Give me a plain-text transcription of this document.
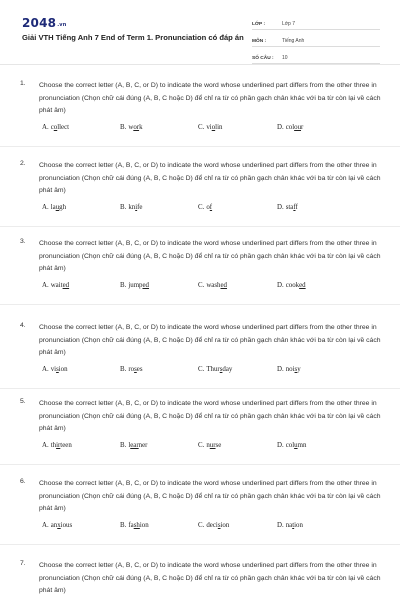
2048.vn
Giải VTH Tiếng Anh 7 End of Term 1. Pronunciation có đáp án
LỚP :	Lớp 7
MÔN :	Tiếng Anh
SỐ CÂU :	10
1. Choose the correct letter (A, B, C, or D) to indicate the word whose underlined part differs from the other three in pronunciation (Chọn chữ cái đúng (A, B, C hoặc D) để chỉ ra từ có phần gạch chân khác với ba từ còn lại về cách phát âm)
A. collect	B. work	C. violin	D. colour
2. Choose the correct letter (A, B, C, or D) to indicate the word whose underlined part differs from the other three in pronunciation (Chọn chữ cái đúng (A, B, C hoặc D) để chỉ ra từ có phần gạch chân khác với ba từ còn lại về cách phát âm)
A. laugh	B. knife	C. of	D. staff
3. Choose the correct letter (A, B, C, or D) to indicate the word whose underlined part differs from the other three in pronunciation (Chọn chữ cái đúng (A, B, C hoặc D) để chỉ ra từ có phần gạch chân khác với ba từ còn lại về cách phát âm)
A. waited	B. jumped	C. washed	D. cooked
4. Choose the correct letter (A, B, C, or D) to indicate the word whose underlined part differs from the other three in pronunciation (Chọn chữ cái đúng (A, B, C hoặc D) để chỉ ra từ có phần gạch chân khác với ba từ còn lại về cách phát âm)
A. vision	B. roses	C. Thursday	D. noisy
5. Choose the correct letter (A, B, C, or D) to indicate the word whose underlined part differs from the other three in pronunciation (Chọn chữ cái đúng (A, B, C hoặc D) để chỉ ra từ có phần gạch chân khác với ba từ còn lại về cách phát âm)
A. thirteen	B. learner	C. nurse	D. column
6. Choose the correct letter (A, B, C, or D) to indicate the word whose underlined part differs from the other three in pronunciation (Chọn chữ cái đúng (A, B, C hoặc D) để chỉ ra từ có phần gạch chân khác với ba từ còn lại về cách phát âm)
A. anxious	B. fashion	C. decision	D. nation
7. Choose the correct letter (A, B, C, or D) to indicate the word whose underlined part differs from the other three in pronunciation (Chọn chữ cái đúng (A, B, C hoặc D) để chỉ ra từ có phần gạch chân khác với ba từ còn lại về cách phát âm)
